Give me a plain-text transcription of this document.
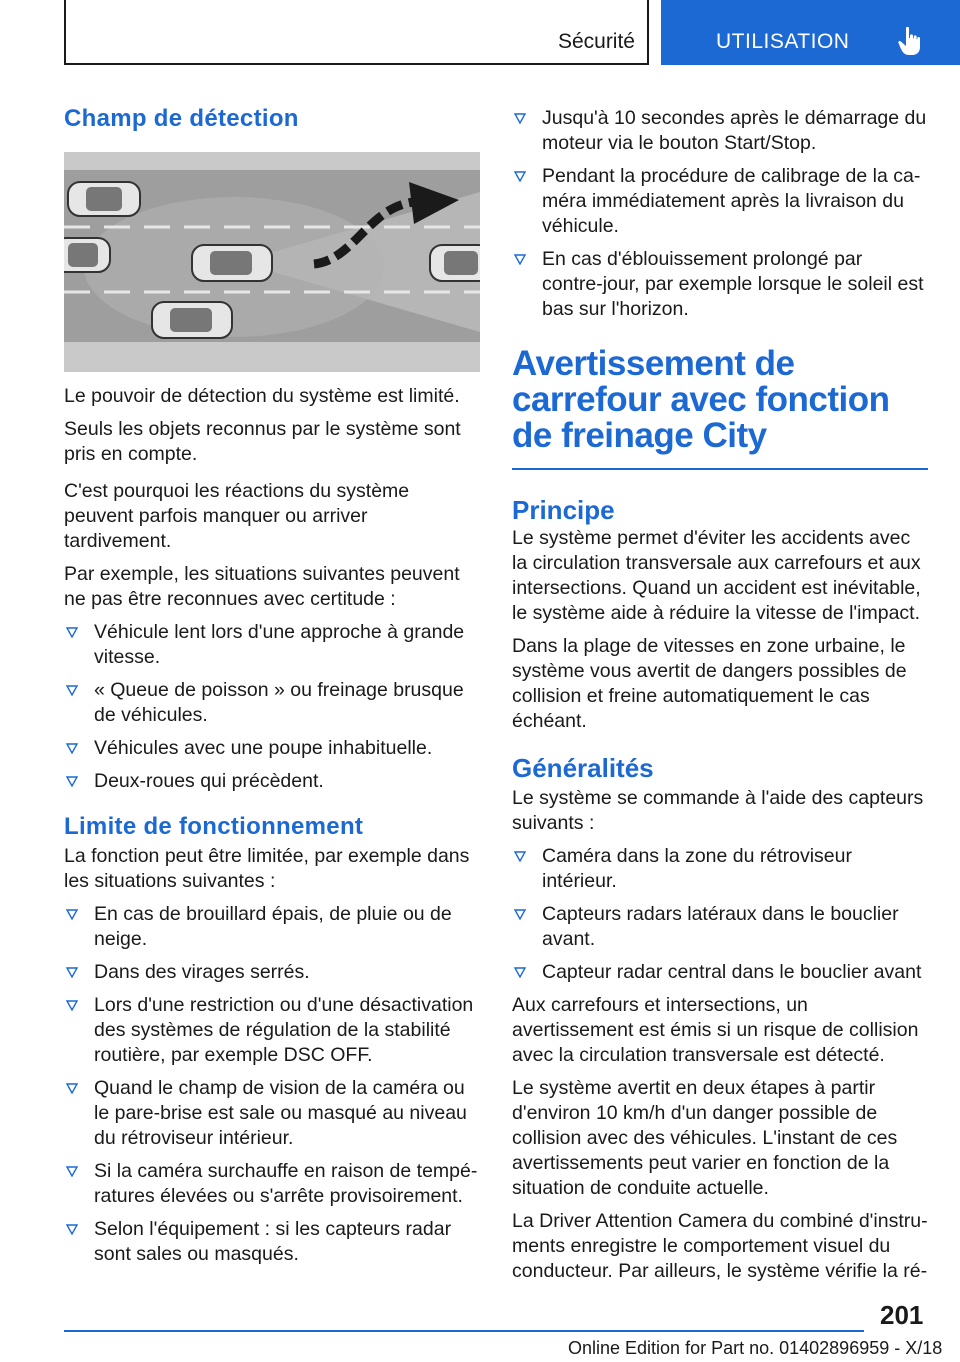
Sécurité	UTILISATION
Champ de détection

Le pouvoir de détection du système est limité.

Seuls les objets reconnus par le système sont pris en compte.

C'est pourquoi les réactions du système peuvent parfois manquer ou arriver tardivement.

Par exemple, les situations suivantes peuvent ne pas être reconnues avec certitude :

Véhicule lent lors d'une approche à grande vitesse.
« Queue de poisson » ou freinage brusque de véhicules.
Véhicules avec une poupe inhabituelle.
Deux-roues qui précèdent.
Limite de fonctionnement

La fonction peut être limitée, par exemple dans les situations suivantes :

En cas de brouillard épais, de pluie ou de neige.
Dans des virages serrés.
Lors d'une restriction ou d'une désactivation des systèmes de régulation de la stabilité routière, par exemple DSC OFF.
Quand le champ de vision de la caméra ou le pare-brise est sale ou masqué au niveau du rétroviseur intérieur.
Si la caméra surchauffe en raison de températures élevées ou s'arrête provisoirement.
Selon l'équipement : si les capteurs radar sont sales ou masqués.
Jusqu'à 10 secondes après le démarrage du moteur via le bouton Start/Stop.
Pendant la procédure de calibrage de la caméra immédiatement après la livraison du véhicule.
En cas d'éblouissement prolongé par contre-jour, par exemple lorsque le soleil est bas sur l'horizon.
Avertissement de carrefour avec fonction de freinage City
Principe

Le système permet d'éviter les accidents avec la circulation transversale aux carrefours et aux intersections. Quand un accident est inévitable, le système aide à réduire la vitesse de l'impact.

Dans la plage de vitesses en zone urbaine, le système vous avertit de dangers possibles de collision et freine automatiquement le cas échéant.

Généralités

Le système se commande à l'aide des capteurs suivants :

Caméra dans la zone du rétroviseur intérieur.
Capteurs radars latéraux dans le bouclier avant.
Capteur radar central dans le bouclier avant

Aux carrefours et intersections, un avertissement est émis si un risque de collision avec la circulation transversale est détecté.

Le système avertit en deux étapes à partir d'environ 10 km/h d'un danger possible de collision avec des véhicules. L'instant de ces avertissements peut varier en fonction de la situation de conduite actuelle.

La Driver Attention Camera du combiné d'instruments enregistre le comportement visuel du conducteur. Par ailleurs, le système vérifie la ré-

201
Online Edition for Part no. 01402896959 - X/18
